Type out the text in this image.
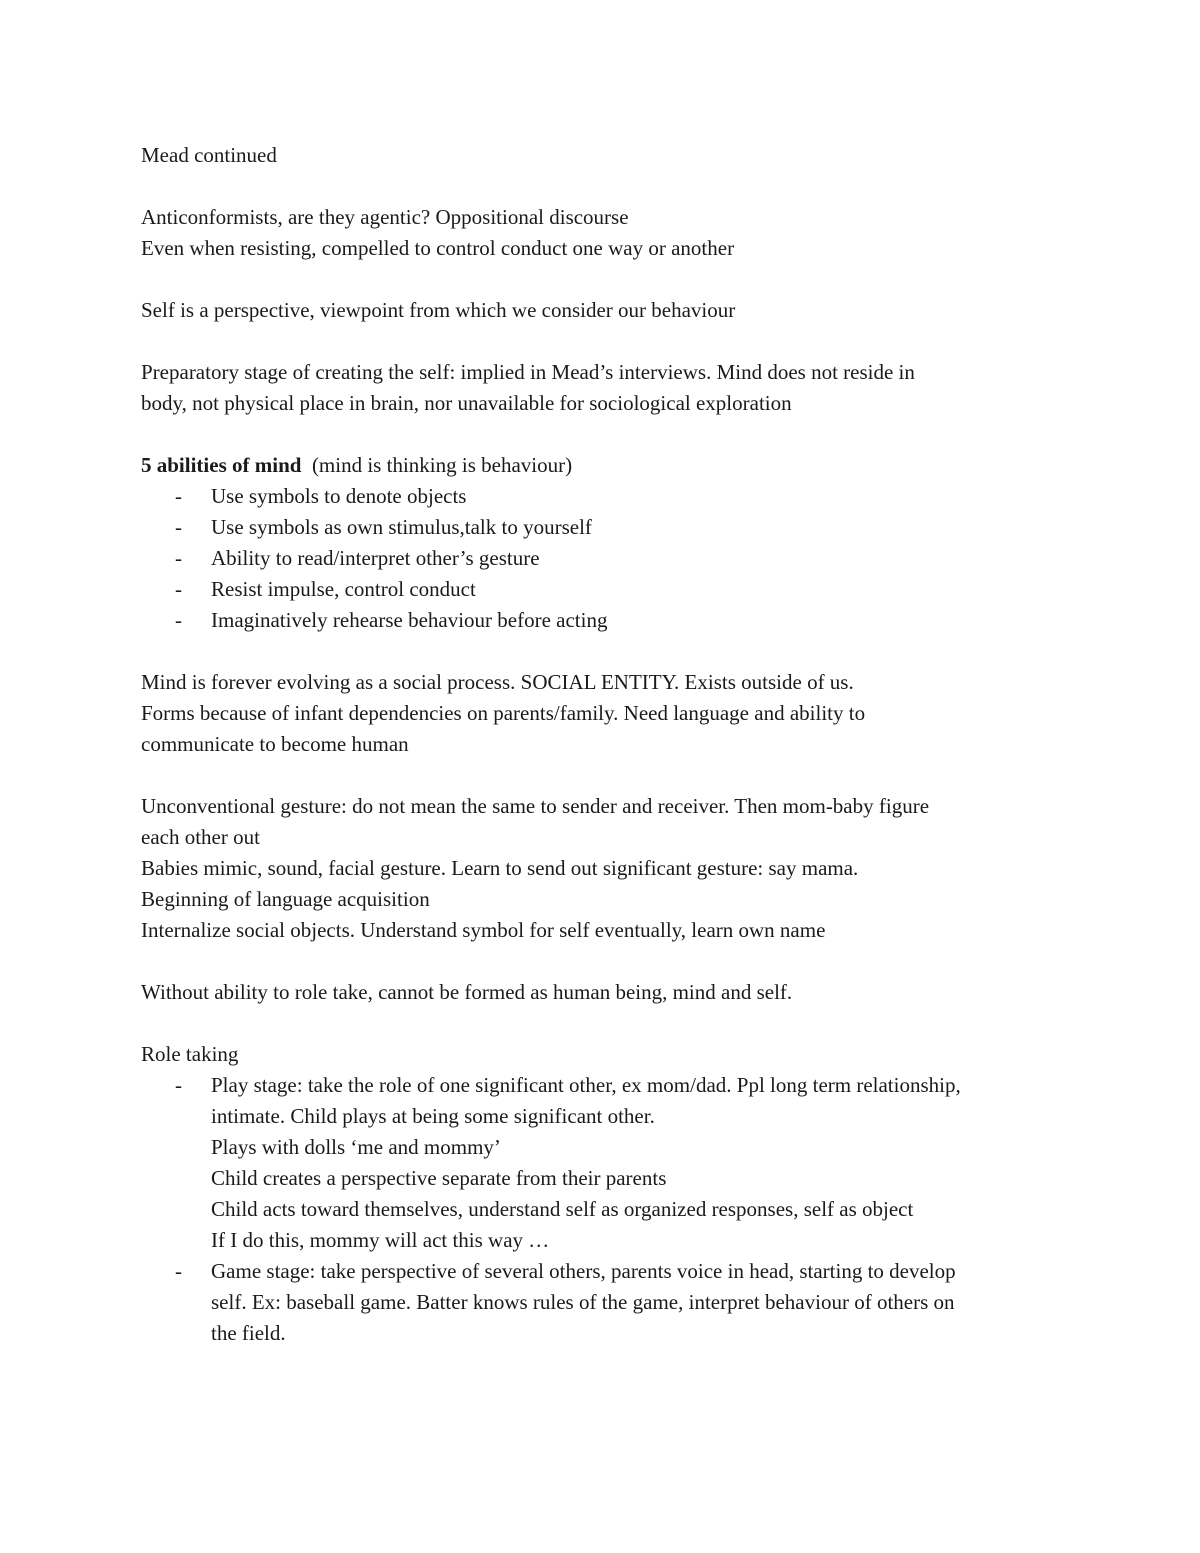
Mead continued

Anticonformists, are they agentic? Oppositional discourse

Even when resisting, compelled to control conduct one way or another

Self is a perspective, viewpoint from which we consider our behaviour

Preparatory stage of creating the self: implied in Mead’s interviews. Mind does not reside in

body, not physical place in brain, nor unavailable for sociological exploration

5 abilities of mind (mind is thinking is behaviour)

- Use symbols to denote objects
- Use symbols as own stimulus,talk to yourself
- Ability to read/interpret other’s gesture
- Resist impulse, control conduct
- Imaginatively rehearse behaviour before acting

Mind is forever evolving as a social process. SOCIAL ENTITY. Exists outside of us.

Forms because of infant dependencies on parents/family. Need language and ability to

communicate to become human

Unconventional gesture: do not mean the same to sender and receiver. Then mom-baby figure

each other out

Babies mimic, sound, facial gesture. Learn to send out significant gesture: say mama.

Beginning of language acquisition

Internalize social objects. Understand symbol for self eventually, learn own name

Without ability to role take, cannot be formed as human being, mind and self.

Role taking

- Play stage: take the role of one significant other, ex mom/dad. Ppl long term relationship,
intimate. Child plays at being some significant other.
Plays with dolls ‘me and mommy’
Child creates a perspective separate from their parents
Child acts toward themselves, understand self as organized responses, self as object
If I do this, mommy will act this way …
- Game stage: take perspective of several others, parents voice in head, starting to develop
self. Ex: baseball game. Batter knows rules of the game, interpret behaviour of others on
the field.
